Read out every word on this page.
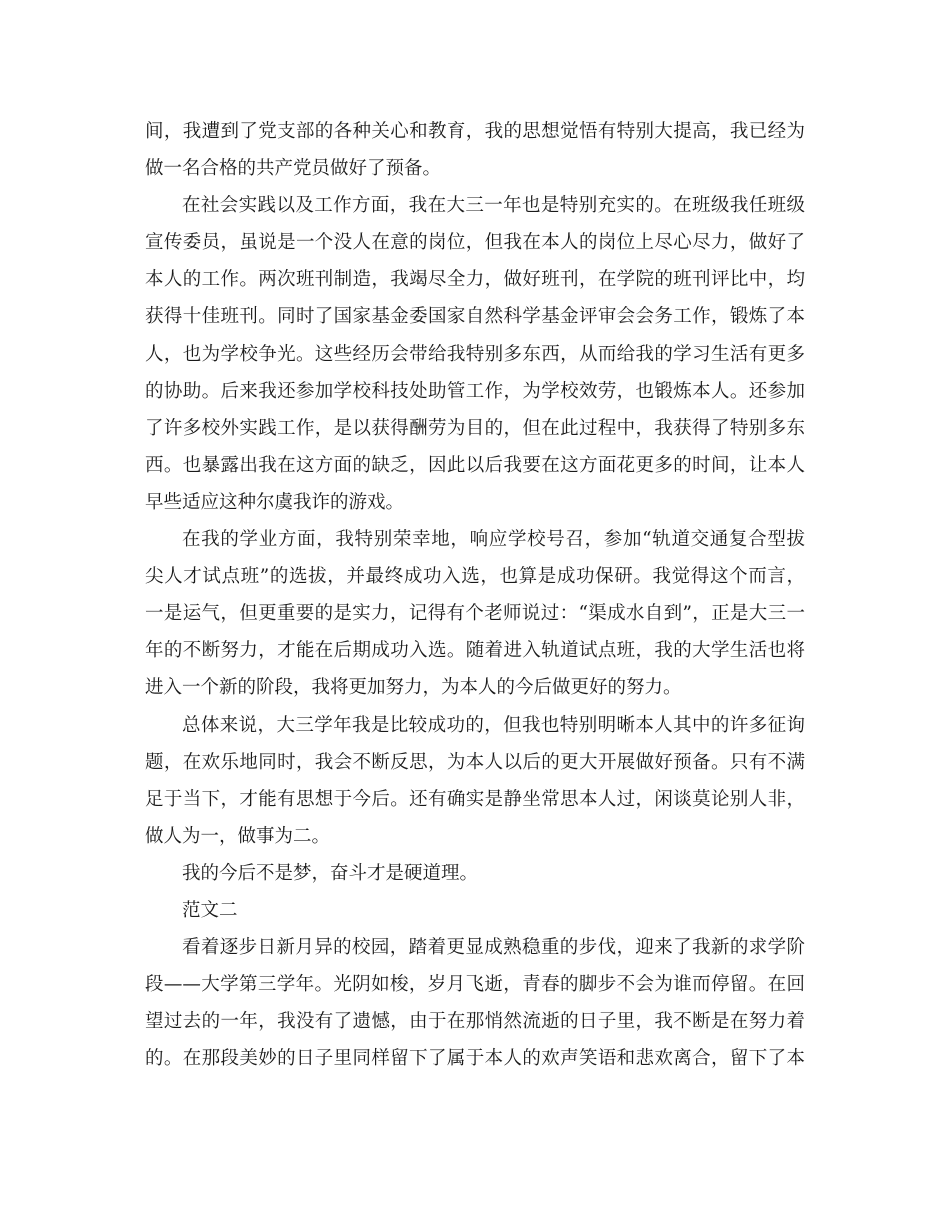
间，我遭到了党支部的各种关心和教育，我的思想觉悟有特别大提高，我已经为
做一名合格的共产党员做好了预备。
在社会实践以及工作方面，我在大三一年也是特别充实的。在班级我任班级
宣传委员，虽说是一个没人在意的岗位，但我在本人的岗位上尽心尽力，做好了
本人的工作。两次班刊制造，我竭尽全力，做好班刊，在学院的班刊评比中，均
获得十佳班刊。同时了国家基金委国家自然科学基金评审会会务工作，锻炼了本
人，也为学校争光。这些经历会带给我特别多东西，从而给我的学习生活有更多
的协助。后来我还参加学校科技处助管工作，为学校效劳，也锻炼本人。还参加
了许多校外实践工作，是以获得酬劳为目的，但在此过程中，我获得了特别多东
西。也暴露出我在这方面的缺乏，因此以后我要在这方面花更多的时间，让本人
早些适应这种尔虞我诈的游戏。
在我的学业方面，我特别荣幸地，响应学校号召，参加“轨道交通复合型拔
尖人才试点班”的选拔，并最终成功入选，也算是成功保研。我觉得这个而言，
一是运气，但更重要的是实力，记得有个老师说过：“渠成水自到”，正是大三一
年的不断努力，才能在后期成功入选。随着进入轨道试点班，我的大学生活也将
进入一个新的阶段，我将更加努力，为本人的今后做更好的努力。
总体来说，大三学年我是比较成功的，但我也特别明晰本人其中的许多征询
题，在欢乐地同时，我会不断反思，为本人以后的更大开展做好预备。只有不满
足于当下，才能有思想于今后。还有确实是静坐常思本人过，闲谈莫论别人非，
做人为一，做事为二。
我的今后不是梦，奋斗才是硬道理。
范文二
看着逐步日新月异的校园，踏着更显成熟稳重的步伐，迎来了我新的求学阶
段——大学第三学年。光阴如梭，岁月飞逝，青春的脚步不会为谁而停留。在回
望过去的一年，我没有了遗憾，由于在那悄然流逝的日子里，我不断是在努力着
的。在那段美妙的日子里同样留下了属于本人的欢声笑语和悲欢离合，留下了本
